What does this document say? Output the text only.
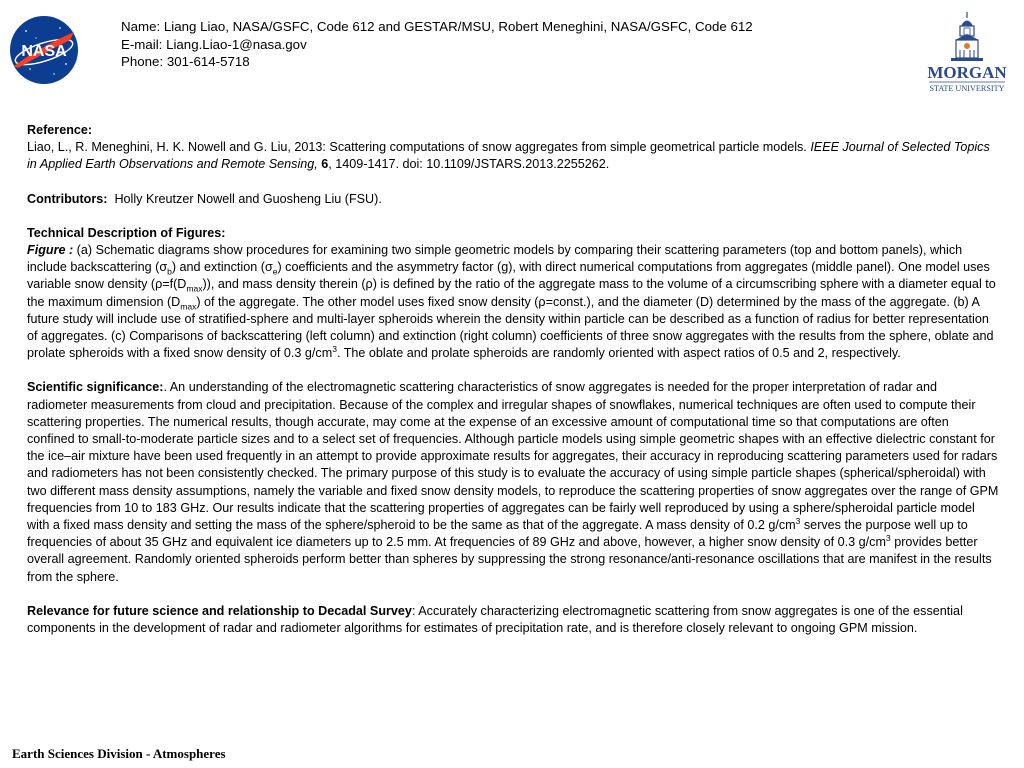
NASA
Name: Liang Liao, NASA/GSFC, Code 612 and GESTAR/MSU, Robert Meneghini, NASA/GSFC, Code 612
E-mail: Liang.Liao-1@nasa.gov
Phone: 301-614-5718
MORGAN
STATE UNIVERSITY

Reference:

Liao, L., R. Meneghini, H. K. Nowell and G. Liu, 2013: Scattering computations of snow aggregates from simple geometrical particle models. IEEE Journal of Selected Topics in Applied Earth Observations and Remote Sensing, 6, 1409-1417. doi: 10.1109/JSTARS.2013.2255262.

Contributors: Holly Kreutzer Nowell and Guosheng Liu (FSU).

Technical Description of Figures:

Figure : (a) Schematic diagrams show procedures for examining two simple geometric models by comparing their scattering parameters (top and bottom panels), which include backscattering $(\sigma_b)$ and extinction $(\sigma_e)$ coefficients and the asymmetry factor (g), with direct numerical computations from aggregates (middle panel). One model uses variable snow density $(\rho=f(D_{max}))$, and mass density therein (ρ) is defined by the ratio of the aggregate mass to the volume of a circumscribing sphere with a diameter equal to the maximum dimension $(D_{max})$ of the aggregate. The other model uses fixed snow density (ρ=const.), and the diameter (D) determined by the mass of the aggregate. (b) A future study will include use of stratified-sphere and multi-layer spheroids wherein the density within particle can be described as a function of radius for better representation of aggregates. (c) Comparisons of backscattering (left column) and extinction (right column) coefficients of three snow aggregates with the results from the sphere, oblate and prolate spheroids with a fixed snow density of 0.3 $g/cm^3$. The oblate and prolate spheroids are randomly oriented with aspect ratios of 0.5 and 2, respectively.

Scientific significance:. An understanding of the electromagnetic scattering characteristics of snow aggregates is needed for the proper interpretation of radar and radiometer measurements from cloud and precipitation. Because of the complex and irregular shapes of snowflakes, numerical techniques are often used to compute their scattering properties. The numerical results, though accurate, may come at the expense of an excessive amount of computational time so that computations are often confined to small-to-moderate particle sizes and to a select set of frequencies. Although particle models using simple geometric shapes with an effective dielectric constant for the ice–air mixture have been used frequently in an attempt to provide approximate results for aggregates, their accuracy in reproducing scattering parameters used for radars and radiometers has not been consistently checked. The primary purpose of this study is to evaluate the accuracy of using simple particle shapes (spherical/spheroidal) with two different mass density assumptions, namely the variable and fixed snow density models, to reproduce the scattering properties of snow aggregates over the range of GPM frequencies from 10 to 183 GHz. Our results indicate that the scattering properties of aggregates can be fairly well reproduced by using a sphere/spheroidal particle model with a fixed mass density and setting the mass of the sphere/spheroid to be the same as that of the aggregate. A mass density of 0.2 $g/cm^3$ serves the purpose well up to frequencies of about 35 GHz and equivalent ice diameters up to 2.5 mm. At frequencies of 89 GHz and above, however, a higher snow density of 0.3 $g/cm^3$ provides better overall agreement. Randomly oriented spheroids perform better than spheres by suppressing the strong resonance/anti-resonance oscillations that are manifest in the results from the sphere.

Relevance for future science and relationship to Decadal Survey: Accurately characterizing electromagnetic scattering from snow aggregates is one of the essential components in the development of radar and radiometer algorithms for estimates of precipitation rate, and is therefore closely relevant to ongoing GPM mission.

Earth Sciences Division - Atmospheres
